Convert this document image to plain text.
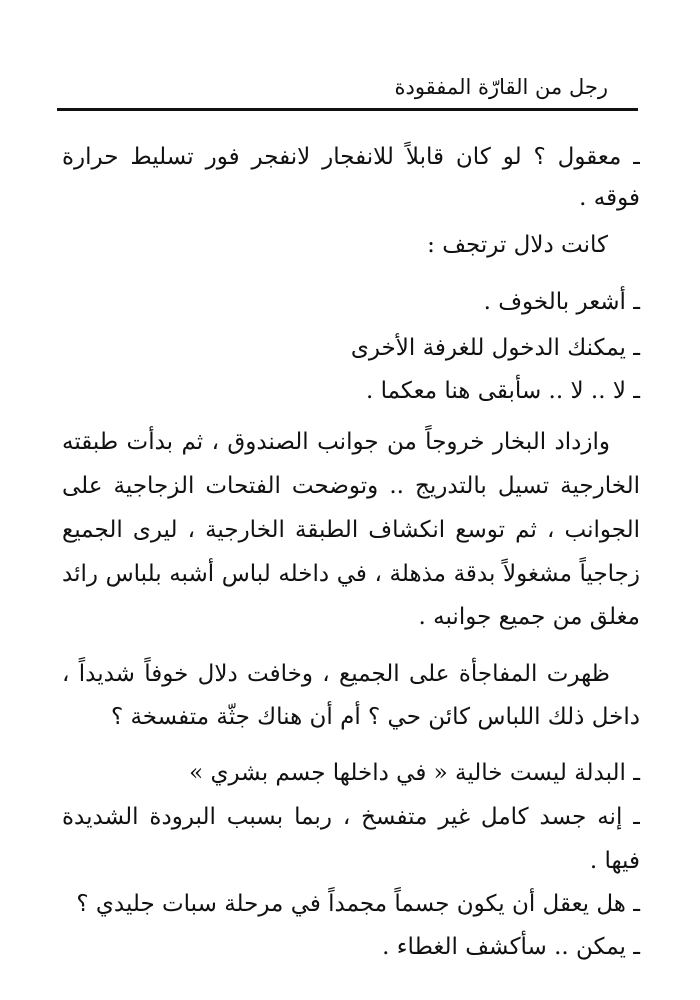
رجل من القارّة المفقودة
ـ معقول ؟ لو كان قابلاً للانفجار لانفجر فور تسليط حرارة
فوقه .
كانت دلال ترتجف :
ـ أشعر بالخوف .
ـ يمكنك الدخول للغرفة الأخرى
ـ لا .. لا .. سأبقى هنا معكما .
وازداد البخار خروجاً من جوانب الصندوق ، ثم بدأت طبقته
الخارجية تسيل بالتدريج .. وتوضحت الفتحات الزجاجية على
الجوانب ، ثم توسع انكشاف الطبقة الخارجية ، ليرى الجميع
زجاجياً مشغولاً بدقة مذهلة ، في داخله لباس أشبه بلباس رائد
مغلق من جميع جوانبه .
ظهرت المفاجأة على الجميع ، وخافت دلال خوفاً شديداً ،
داخل ذلك اللباس كائن حي ؟ أم أن هناك جثّة متفسخة ؟
ـ البدلة ليست خالية « في داخلها جسم بشري »
ـ إنه جسد كامل غير متفسخ ، ربما بسبب البرودة الشديدة
فيها .
ـ هل يعقل أن يكون جسماً مجمداً في مرحلة سبات جليدي ؟
ـ يمكن .. سأكشف الغطاء .
